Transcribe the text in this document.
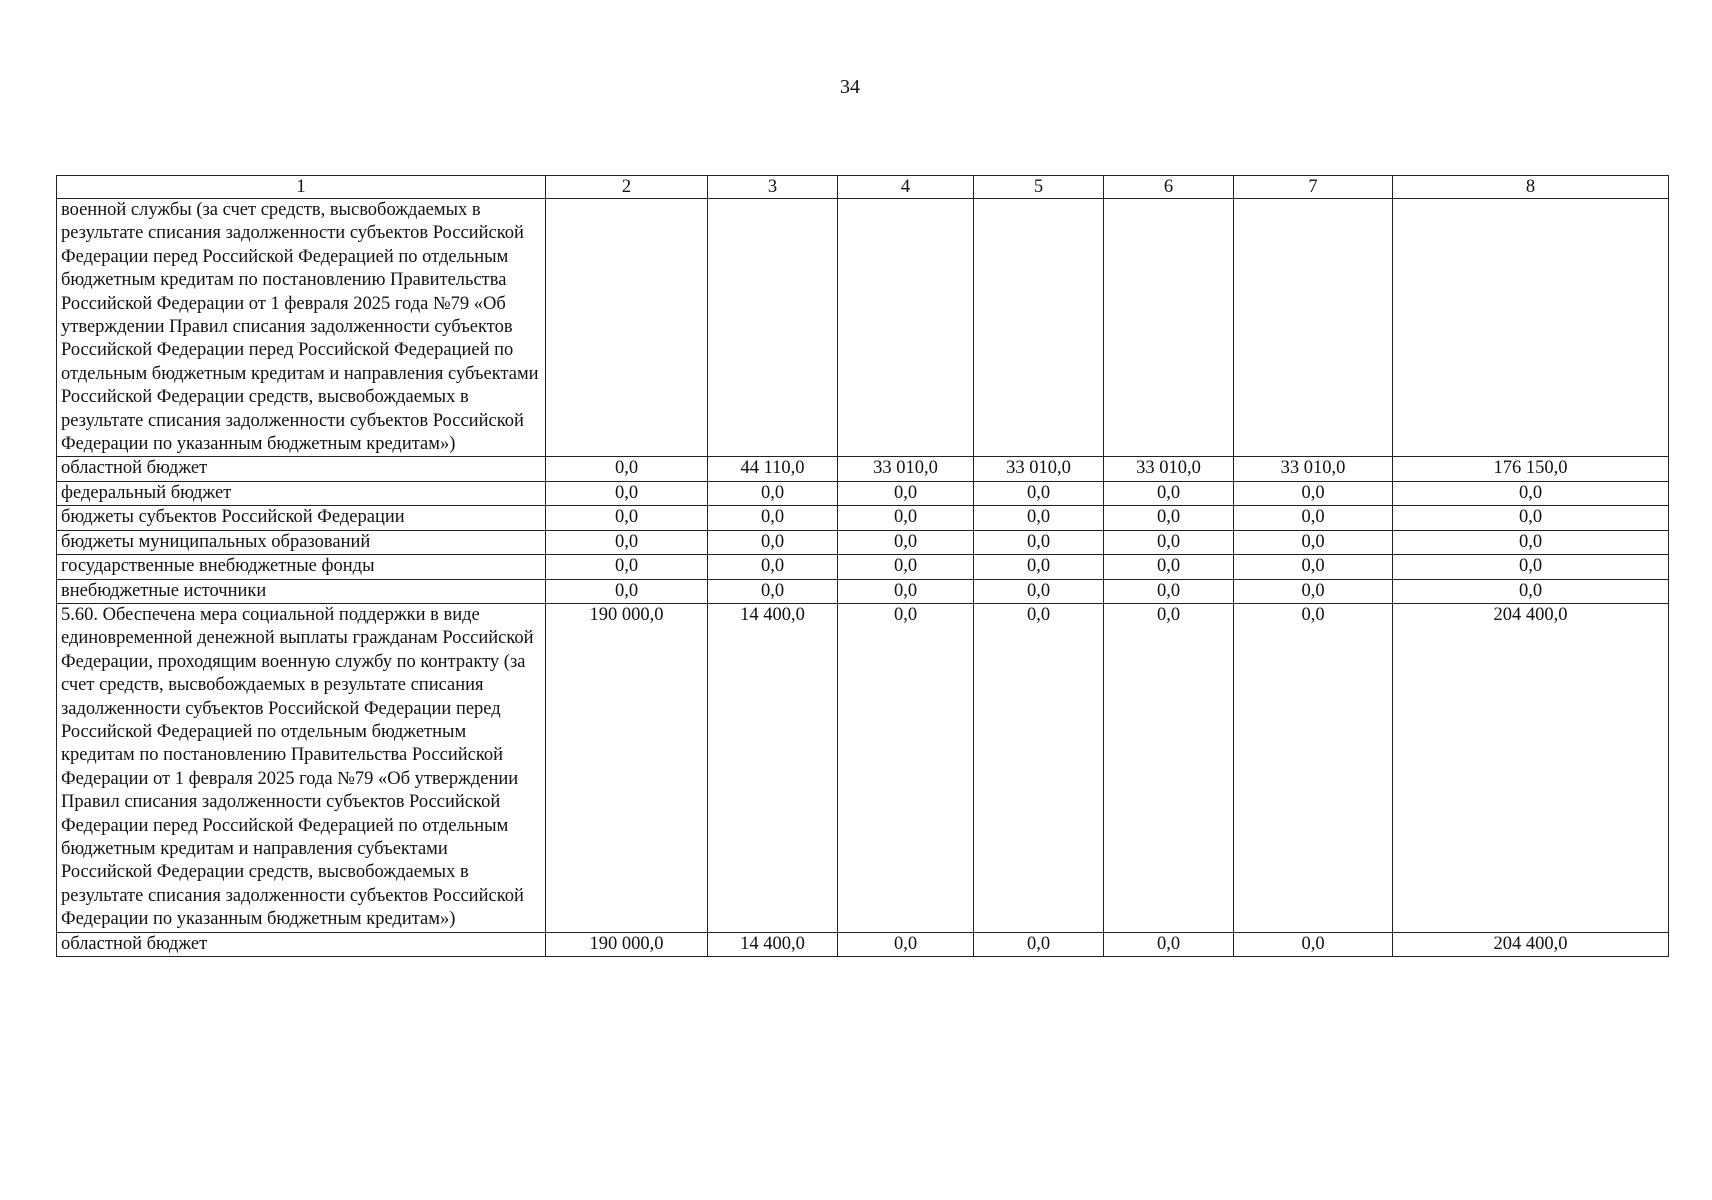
34
1	2	3	4	5	6	7	8
военной службы (за счет средств, высвобождаемых в результате списания задолженности субъектов Российской Федерации перед Российской Федерацией по отдельным бюджетным кредитам по постановлению Правительства Российской Федерации от 1 февраля 2025 года №79 «Об утверждении Правил списания задолженности субъектов Российской Федерации перед Российской Федерацией по отдельным бюджетным кредитам и направления субъектами Российской Федерации средств, высвобождаемых в результате списания задолженности субъектов Российской Федерации по указанным бюджетным кредитам»)							
областной бюджет	0,0	44 110,0	33 010,0	33 010,0	33 010,0	33 010,0	176 150,0
федеральный бюджет	0,0	0,0	0,0	0,0	0,0	0,0	0,0
бюджеты субъектов Российской Федерации	0,0	0,0	0,0	0,0	0,0	0,0	0,0
бюджеты муниципальных образований	0,0	0,0	0,0	0,0	0,0	0,0	0,0
государственные внебюджетные фонды	0,0	0,0	0,0	0,0	0,0	0,0	0,0
внебюджетные источники	0,0	0,0	0,0	0,0	0,0	0,0	0,0
5.60. Обеспечена мера социальной поддержки в виде единовременной денежной выплаты гражданам Российской Федерации, проходящим военную службу по контракту (за счет средств, высвобождаемых в результате списания задолженности субъектов Российской Федерации перед Российской Федерацией по отдельным бюджетным кредитам по постановлению Правительства Российской Федерации от 1 февраля 2025 года №79 «Об утверждении Правил списания задолженности субъектов Российской Федерации перед Российской Федерацией по отдельным бюджетным кредитам и направления субъектами Российской Федерации средств, высвобождаемых в результате списания задолженности субъектов Российской Федерации по указанным бюджетным кредитам»)	190 000,0	14 400,0	0,0	0,0	0,0	0,0	204 400,0
областной бюджет	190 000,0	14 400,0	0,0	0,0	0,0	0,0	204 400,0
